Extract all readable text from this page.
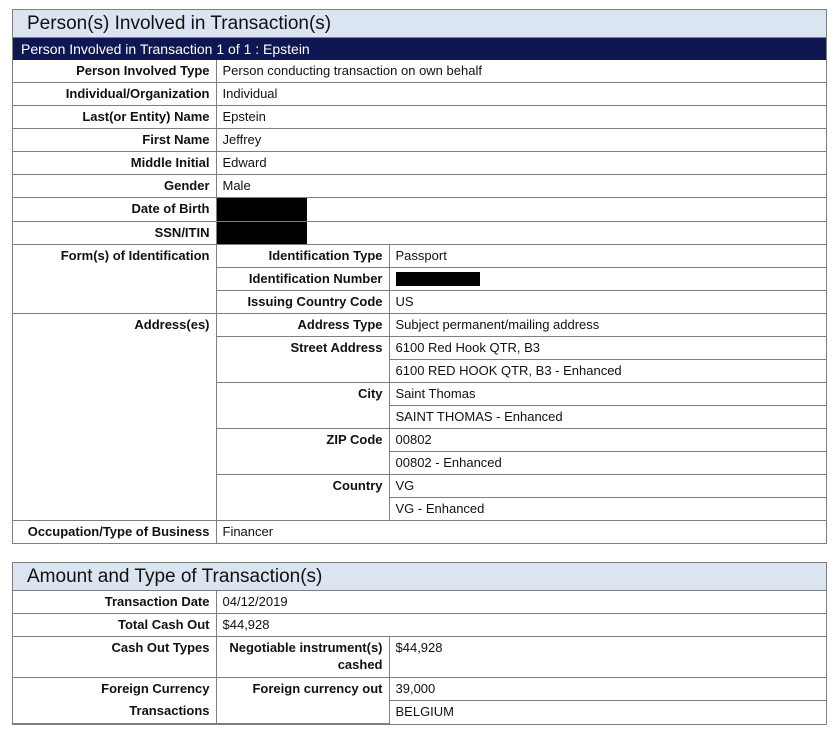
Person(s) Involved in Transaction(s)
Person Involved in Transaction 1 of 1 : Epstein
Person Involved Type	Person conducting transaction on own behalf	
Individual/Organization	Individual	
Last(or Entity) Name	Epstein	
First Name	Jeffrey	
Middle Initial	Edward	
Gender	Male	
Date of Birth		
SSN/ITIN		
Form(s) of Identification	Identification Type	Passport
	Identification Number	
	Issuing Country Code	US
Address(es)	Address Type	Subject permanent/mailing address
	Street Address	6100 Red Hook QTR, B3
		6100 RED HOOK QTR, B3 - Enhanced
	City	Saint Thomas
		SAINT THOMAS - Enhanced
	ZIP Code	00802
		00802 - Enhanced
	Country	VG
		VG - Enhanced
Occupation/Type of Business	Financer	
Amount and Type of Transaction(s)
Transaction Date	04/12/2019	
Total Cash Out	$44,928	
Cash Out Types	Negotiable instrument(s) cashed	$44,928
Foreign Currency Transactions	Foreign currency out	39,000
		BELGIUM
